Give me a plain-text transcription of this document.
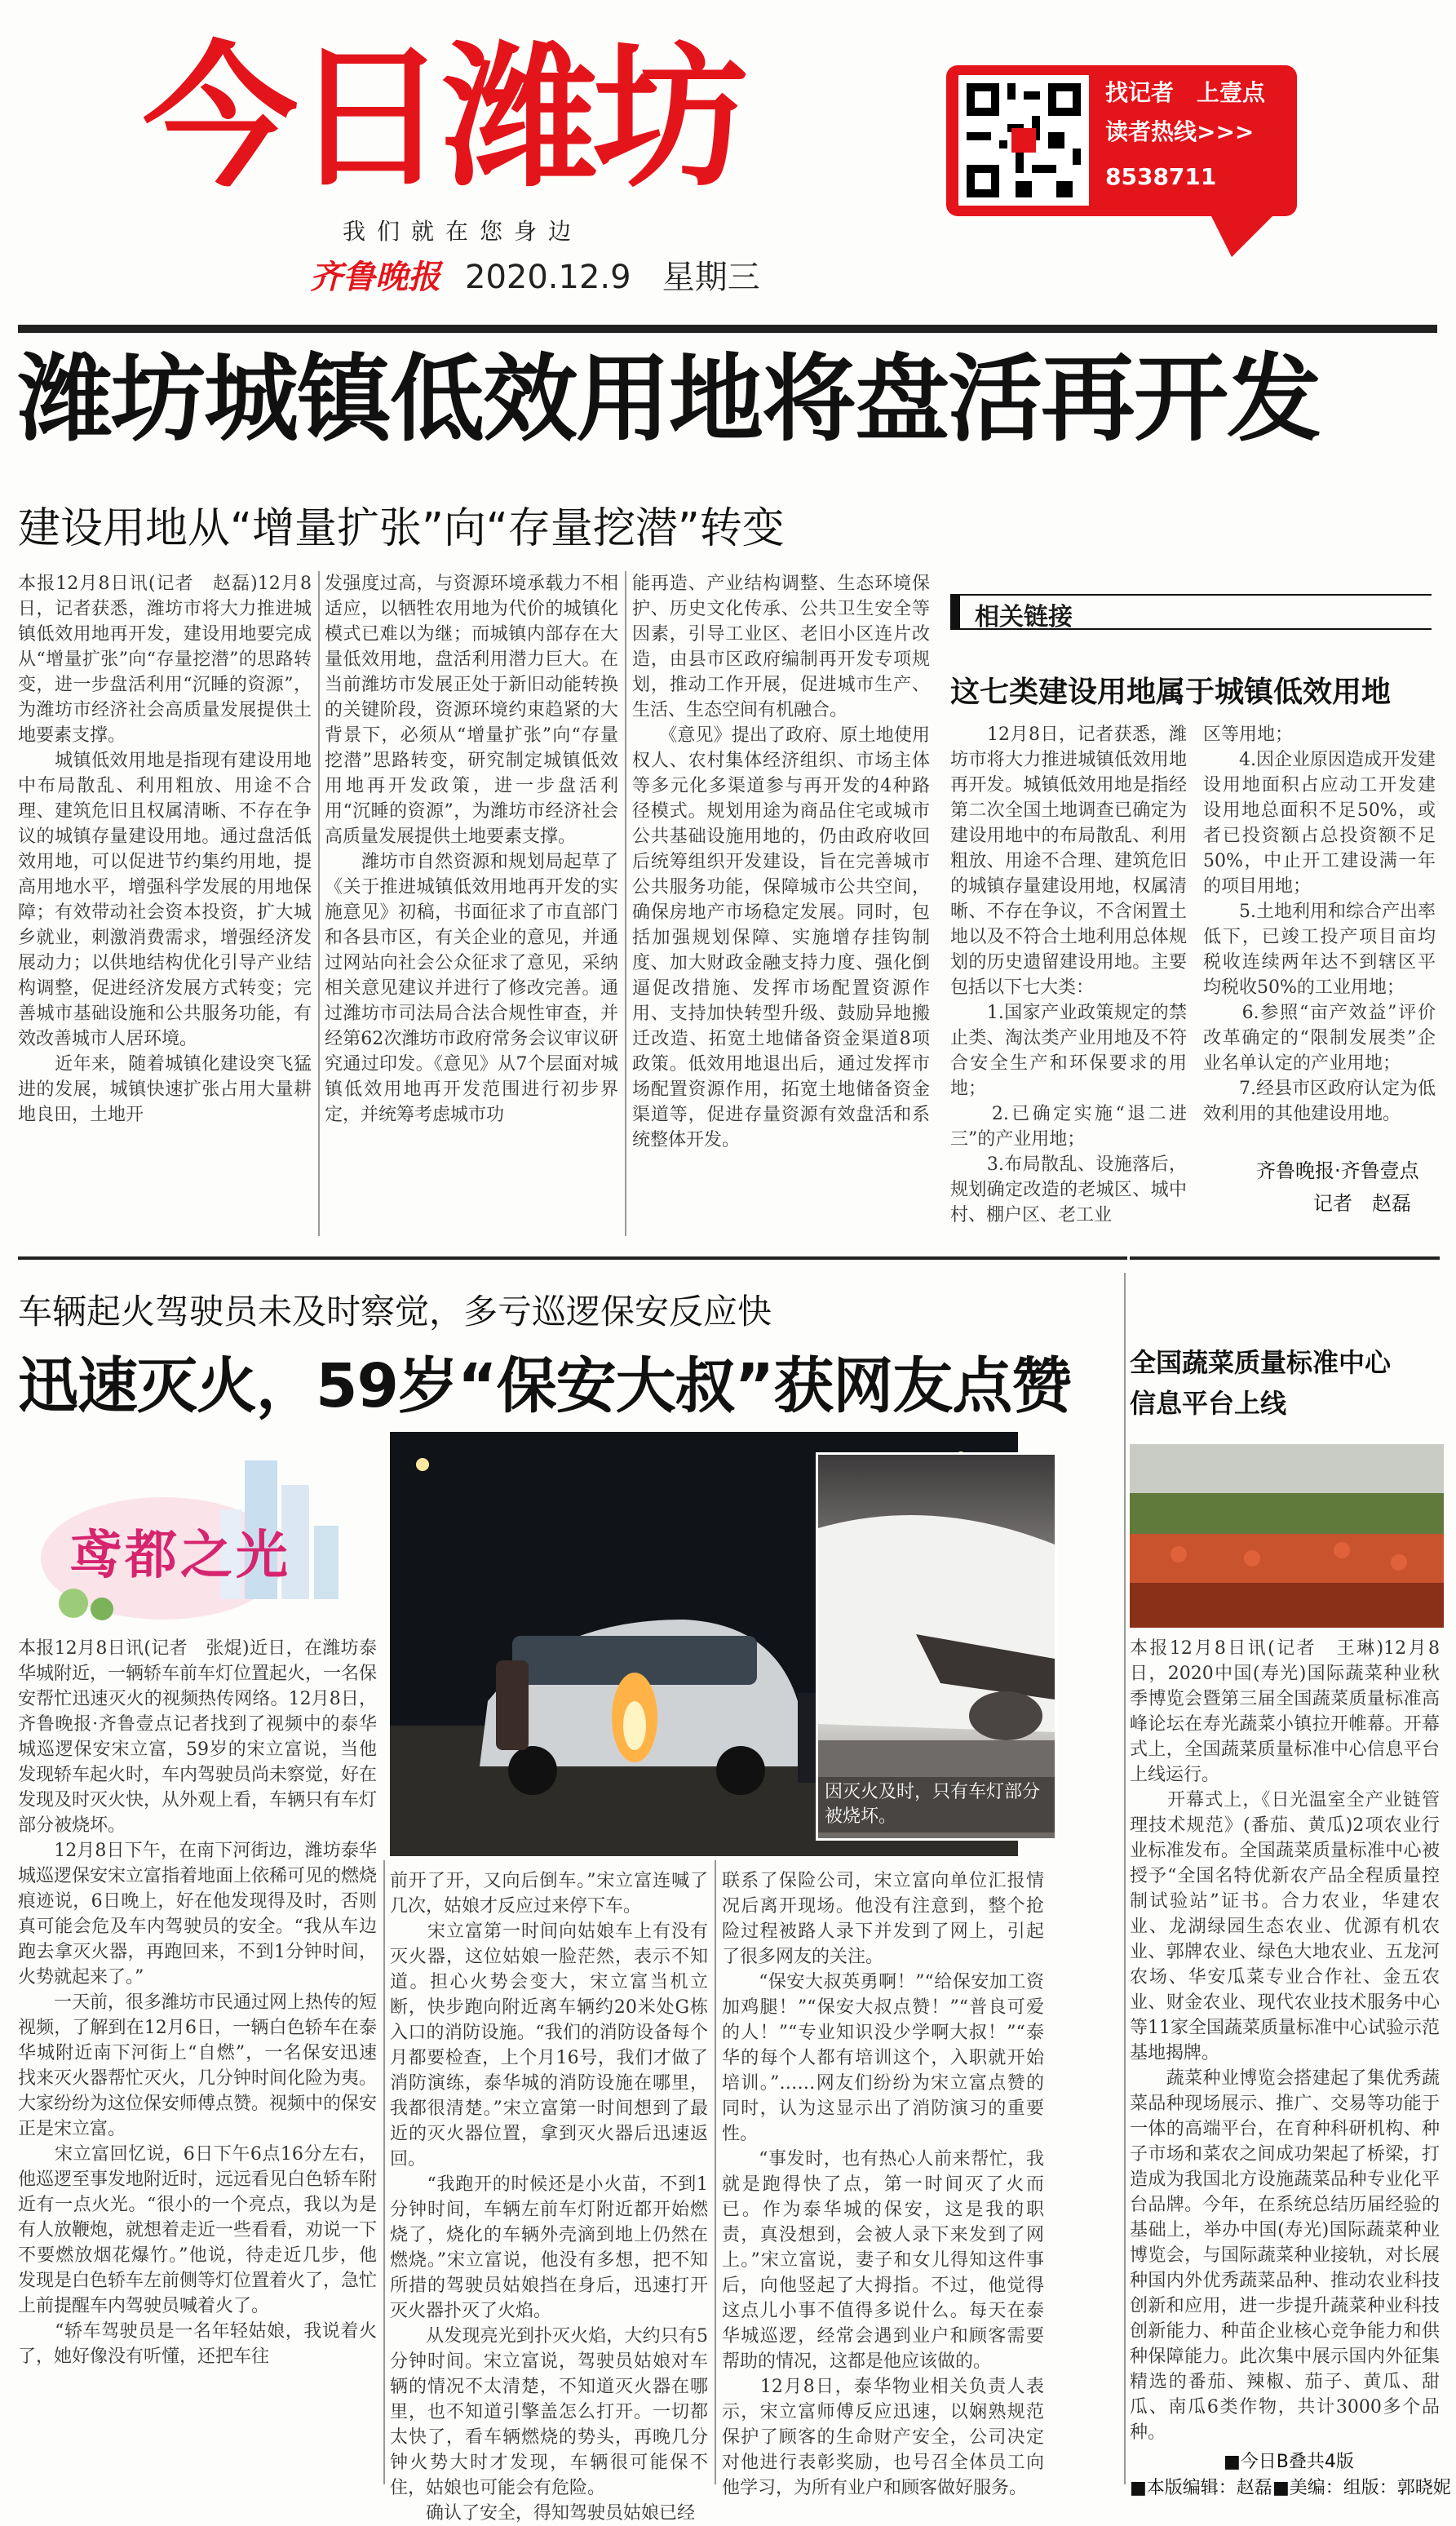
今日潍坊
我们就在您身边
齐鲁晚报 2020.12.9 星期三
找记者　上壹点
读者热线>>>
8538711
潍坊城镇低效用地将盘活再开发
建设用地从“增量扩张”向“存量挖潜”转变
本报12月8日讯(记者　赵磊)12月8日，记者获悉，潍坊市将大力推进城镇低效用地再开发，建设用地要完成从“增量扩张”向“存量挖潜”的思路转变，进一步盘活利用“沉睡的资源”，为潍坊市经济社会高质量发展提供土地要素支撑。
　　城镇低效用地是指现有建设用地中布局散乱、利用粗放、用途不合理、建筑危旧且权属清晰、不存在争议的城镇存量建设用地。通过盘活低效用地，可以促进节约集约用地，提高用地水平，增强科学发展的用地保障；有效带动社会资本投资，扩大城乡就业，刺激消费需求，增强经济发展动力；以供地结构优化引导产业结构调整，促进经济发展方式转变；完善城市基础设施和公共服务功能，有效改善城市人居环境。
　　近年来，随着城镇化建设突飞猛进的发展，城镇快速扩张占用大量耕地良田，土地开
发强度过高，与资源环境承载力不相适应，以牺牲农用地为代价的城镇化模式已难以为继；而城镇内部存在大量低效用地，盘活利用潜力巨大。在当前潍坊市发展正处于新旧动能转换的关键阶段，资源环境约束趋紧的大背景下，必须从“增量扩张”向“存量挖潜”思路转变，研究制定城镇低效用地再开发政策，进一步盘活利用“沉睡的资源”，为潍坊市经济社会高质量发展提供土地要素支撑。
　　潍坊市自然资源和规划局起草了《关于推进城镇低效用地再开发的实施意见》初稿，书面征求了市直部门和各县市区，有关企业的意见，并通过网站向社会公众征求了意见，采纳相关意见建议并进行了修改完善。通过潍坊市司法局合法合规性审查，并经第62次潍坊市政府常务会议审议研究通过印发。《意见》从7个层面对城镇低效用地再开发范围进行初步界定，并统筹考虑城市功
能再造、产业结构调整、生态环境保护、历史文化传承、公共卫生安全等因素，引导工业区、老旧小区连片改造，由县市区政府编制再开发专项规划，推动工作开展，促进城市生产、生活、生态空间有机融合。
　　《意见》提出了政府、原土地使用权人、农村集体经济组织、市场主体等多元化多渠道参与再开发的4种路径模式。规划用途为商品住宅或城市公共基础设施用地的，仍由政府收回后统筹组织开发建设，旨在完善城市公共服务功能，保障城市公共空间，确保房地产市场稳定发展。同时，包括加强规划保障、实施增存挂钩制度、加大财政金融支持力度、强化倒逼促改措施、发挥市场配置资源作用、支持加快转型升级、鼓励异地搬迁改造、拓宽土地储备资金渠道8项政策。低效用地退出后，通过发挥市场配置资源作用，拓宽土地储备资金渠道等，促进存量资源有效盘活和系统整体开发。
相关链接
这七类建设用地属于城镇低效用地
　　12月8日，记者获悉，潍坊市将大力推进城镇低效用地再开发。城镇低效用地是指经第二次全国土地调查已确定为建设用地中的布局散乱、利用粗放、用途不合理、建筑危旧的城镇存量建设用地，权属清晰、不存在争议，不含闲置土地以及不符合土地利用总体规划的历史遗留建设用地。主要包括以下七大类：
　　1.国家产业政策规定的禁止类、淘汰类产业用地及不符合安全生产和环保要求的用地；
　　2.已确定实施“退二进三”的产业用地；
　　3.布局散乱、设施落后，规划确定改造的老城区、城中村、棚户区、老工业
区等用地；
　　4.因企业原因造成开发建设用地面积占应动工开发建设用地总面积不足50%，或者已投资额占总投资额不足50%，中止开工建设满一年的项目用地；
　　5.土地利用和综合产出率低下，已竣工投产项目亩均税收连续两年达不到辖区平均税收50%的工业用地；
　　6.参照“亩产效益”评价改革确定的“限制发展类”企业名单认定的产业用地；
　　7.经县市区政府认定为低效利用的其他建设用地。
齐鲁晚报·齐鲁壹点
记者　赵磊
车辆起火驾驶员未及时察觉，多亏巡逻保安反应快
迅速灭火，59岁“保安大叔”获网友点赞
鸢都之光
因灭火及时，只有车灯部分被烧坏。
本报12月8日讯(记者　张焜)近日，在潍坊泰华城附近，一辆轿车前车灯位置起火，一名保安帮忙迅速灭火的视频热传网络。12月8日，齐鲁晚报·齐鲁壹点记者找到了视频中的泰华城巡逻保安宋立富，59岁的宋立富说，当他发现轿车起火时，车内驾驶员尚未察觉，好在发现及时灭火快，从外观上看，车辆只有车灯部分被烧坏。
　　12月8日下午，在南下河街边，潍坊泰华城巡逻保安宋立富指着地面上依稀可见的燃烧痕迹说，6日晚上，好在他发现得及时，否则真可能会危及车内驾驶员的安全。“我从车边跑去拿灭火器，再跑回来，不到1分钟时间，火势就起来了。”
　　一天前，很多潍坊市民通过网上热传的短视频，了解到在12月6日，一辆白色轿车在泰华城附近南下河街上“自燃”，一名保安迅速找来灭火器帮忙灭火，几分钟时间化险为夷。大家纷纷为这位保安师傅点赞。视频中的保安正是宋立富。
　　宋立富回忆说，6日下午6点16分左右，他巡逻至事发地附近时，远远看见白色轿车附近有一点火光。“很小的一个亮点，我以为是有人放鞭炮，就想着走近一些看看，劝说一下不要燃放烟花爆竹。”他说，待走近几步，他发现是白色轿车左前侧等灯位置着火了，急忙上前提醒车内驾驶员喊着火了。
　　“轿车驾驶员是一名年轻姑娘，我说着火了，她好像没有听懂，还把车往
前开了开，又向后倒车。”宋立富连喊了几次，姑娘才反应过来停下车。
　　宋立富第一时间向姑娘车上有没有灭火器，这位姑娘一脸茫然，表示不知道。担心火势会变大，宋立富当机立断，快步跑向附近离车辆约20米处G栋入口的消防设施。“我们的消防设备每个月都要检查，上个月16号，我们才做了消防演练，泰华城的消防设施在哪里，我都很清楚。”宋立富第一时间想到了最近的灭火器位置，拿到灭火器后迅速返回。
　　“我跑开的时候还是小火苗，不到1分钟时间，车辆左前车灯附近都开始燃烧了，烧化的车辆外壳滴到地上仍然在燃烧。”宋立富说，他没有多想，把不知所措的驾驶员姑娘挡在身后，迅速打开灭火器扑灭了火焰。
　　从发现亮光到扑灭火焰，大约只有5分钟时间。宋立富说，驾驶员姑娘对车辆的情况不太清楚，不知道灭火器在哪里，也不知道引擎盖怎么打开。一切都太快了，看车辆燃烧的势头，再晚几分钟火势大时才发现，车辆很可能保不住，姑娘也可能会有危险。
　　确认了安全，得知驾驶员姑娘已经
联系了保险公司，宋立富向单位汇报情况后离开现场。他没有注意到，整个抢险过程被路人录下并发到了网上，引起了很多网友的关注。
　　“保安大叔英勇啊！”“给保安加工资加鸡腿！”“保安大叔点赞！”“普良可爱的人！”“专业知识没少学啊大叔！”“泰华的每个人都有培训这个，入职就开始培训。”……网友们纷纷为宋立富点赞的同时，认为这显示出了消防演习的重要性。
　　“事发时，也有热心人前来帮忙，我就是跑得快了点，第一时间灭了火而已。作为泰华城的保安，这是我的职责，真没想到，会被人录下来发到了网上。”宋立富说，妻子和女儿得知这件事后，向他竖起了大拇指。不过，他觉得这点儿小事不值得多说什么。每天在泰华城巡逻，经常会遇到业户和顾客需要帮助的情况，这都是他应该做的。
　　12月8日，泰华物业相关负责人表示，宋立富师傅反应迅速，以娴熟规范保护了顾客的生命财产安全，公司决定对他进行表彰奖励，也号召全体员工向他学习，为所有业户和顾客做好服务。
全国蔬菜质量标准中心
信息平台上线
本报12月8日讯(记者　王琳)12月8日，2020中国(寿光)国际蔬菜种业秋季博览会暨第三届全国蔬菜质量标准高峰论坛在寿光蔬菜小镇拉开帷幕。开幕式上，全国蔬菜质量标准中心信息平台上线运行。
　　开幕式上，《日光温室全产业链管理技术规范》(番茄、黄瓜)2项农业行业标准发布。全国蔬菜质量标准中心被授予“全国名特优新农产品全程质量控制试验站”证书。合力农业，华建农业、龙湖绿园生态农业、优源有机农业、郭牌农业、绿色大地农业、五龙河农场、华安瓜菜专业合作社、金五农业、财金农业、现代农业技术服务中心等11家全国蔬菜质量标准中心试验示范基地揭牌。
　　蔬菜种业博览会搭建起了集优秀蔬菜品种现场展示、推广、交易等功能于一体的高端平台，在育种科研机构、种子市场和菜农之间成功架起了桥梁，打造成为我国北方设施蔬菜品种专业化平台品牌。今年，在系统总结历届经验的基础上，举办中国(寿光)国际蔬菜种业博览会，与国际蔬菜种业接轨，对长展种国内外优秀蔬菜品种、推动农业科技创新和应用，进一步提升蔬菜种业科技创新能力、种苗企业核心竞争能力和供种保障能力。此次集中展示国内外征集精选的番茄、辣椒、茄子、黄瓜、甜瓜、南瓜6类作物，共计3000多个品种。
■今日B叠共4版
■本版编辑：赵磊 ■美编：组版：郭晓妮
